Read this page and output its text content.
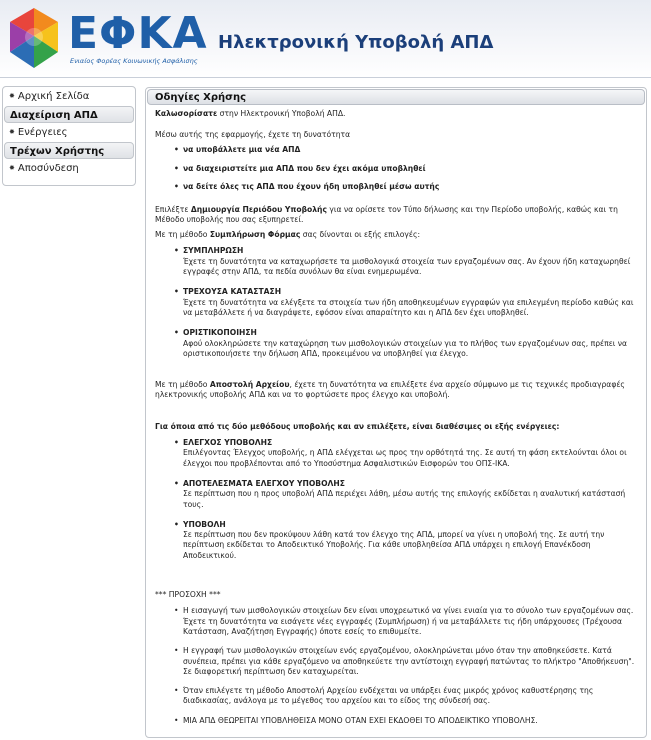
ΕΦΚΑ
Ενιαίος Φορέας Κοινωνικής Ασφάλισης
Ηλεκτρονική Υποβολή ΑΠΔ
✸ Αρχική Σελίδα
Διαχείριση ΑΠΔ
✸ Ενέργειες
Τρέχων Χρήστης
✸ Αποσύνδεση
Οδηγίες Χρήσης

Καλωσορίσατε στην Ηλεκτρονική Υποβολή ΑΠΔ.

Μέσω αυτής της εφαρμογής, έχετε τη δυνατότητα

• να υποβάλλετε μια νέα ΑΠΔ
• να διαχειριστείτε μια ΑΠΔ που δεν έχει ακόμα υποβληθεί
• να δείτε όλες τις ΑΠΔ που έχουν ήδη υποβληθεί μέσω αυτής

Επιλέξτε Δημιουργία Περιόδου Υποβολής για να ορίσετε τον Τύπο δήλωσης και την Περίοδο υποβολής, καθώς και τη Μέθοδο υποβολής που σας εξυπηρετεί.

Με τη μέθοδο Συμπλήρωση Φόρμας σας δίνονται οι εξής επιλογές:

• ΣΥΜΠΛΗΡΩΣΗ
Έχετε τη δυνατότητα να καταχωρήσετε τα μισθολογικά στοιχεία των εργαζομένων σας. Αν έχουν ήδη καταχωρηθεί εγγραφές στην ΑΠΔ, τα πεδία συνόλων θα είναι ενημερωμένα.
• ΤΡΕΧΟΥΣΑ ΚΑΤΑΣΤΑΣΗ
Έχετε τη δυνατότητα να ελέγξετε τα στοιχεία των ήδη αποθηκευμένων εγγραφών για επιλεγμένη περίοδο καθώς και να μεταβάλλετε ή να διαγράψετε, εφόσον είναι απαραίτητο και η ΑΠΔ δεν έχει υποβληθεί.
• ΟΡΙΣΤΙΚΟΠΟΙΗΣΗ
Αφού ολοκληρώσετε την καταχώρηση των μισθολογικών στοιχείων για το πλήθος των εργαζομένων σας, πρέπει να οριστικοποιήσετε την δήλωση ΑΠΔ, προκειμένου να υποβληθεί για έλεγχο.

Με τη μέθοδο Αποστολή Αρχείου, έχετε τη δυνατότητα να επιλέξετε ένα αρχείο σύμφωνο με τις τεχνικές προδιαγραφές ηλεκτρονικής υποβολής ΑΠΔ και να το φορτώσετε προς έλεγχο και υποβολή.

Για όποια από τις δύο μεθόδους υποβολής και αν επιλέξετε, είναι διαθέσιμες οι εξής ενέργειες:

• ΕΛΕΓΧΟΣ ΥΠΟΒΟΛΗΣ
Επιλέγοντας Έλεγχος υποβολής, η ΑΠΔ ελέγχεται ως προς την ορθότητά της. Σε αυτή τη φάση εκτελούνται όλοι οι έλεγχοι που προβλέπονται από το Υποσύστημα Ασφαλιστικών Εισφορών του ΟΠΣ-ΙΚΑ.
• ΑΠΟΤΕΛΕΣΜΑΤΑ ΕΛΕΓΧΟΥ ΥΠΟΒΟΛΗΣ
Σε περίπτωση που η προς υποβολή ΑΠΔ περιέχει λάθη, μέσω αυτής της επιλογής εκδίδεται η αναλυτική κατάστασή τους.
• ΥΠΟΒΟΛΗ
Σε περίπτωση που δεν προκύψουν λάθη κατά τον έλεγχο της ΑΠΔ, μπορεί να γίνει η υποβολή της. Σε αυτή την περίπτωση εκδίδεται το Αποδεικτικό Υποβολής. Για κάθε υποβληθείσα ΑΠΔ υπάρχει η επιλογή Επανέκδοση Αποδεικτικού.

*** ΠΡΟΣΟΧΗ ***

• Η εισαγωγή των μισθολογικών στοιχείων δεν είναι υποχρεωτικό να γίνει ενιαία για το σύνολο των εργαζομένων σας. Έχετε τη δυνατότητα να εισάγετε νέες εγγραφές (Συμπλήρωση) ή να μεταβάλλετε τις ήδη υπάρχουσες (Τρέχουσα Κατάσταση, Αναζήτηση Εγγραφής) όποτε εσείς το επιθυμείτε.
• Η εγγραφή των μισθολογικών στοιχείων ενός εργαζομένου, ολοκληρώνεται μόνο όταν την αποθηκεύσετε. Κατά συνέπεια, πρέπει για κάθε εργαζόμενο να αποθηκεύετε την αντίστοιχη εγγραφή πατώντας το πλήκτρο "Αποθήκευση". Σε διαφορετική περίπτωση δεν καταχωρείται.
• Όταν επιλέγετε τη μέθοδο Αποστολή Αρχείου ενδέχεται να υπάρξει ένας μικρός χρόνος καθυστέρησης της διαδικασίας, ανάλογα με το μέγεθος του αρχείου και το είδος της σύνδεσή σας.
• ΜΙΑ ΑΠΔ ΘΕΩΡΕΙΤΑΙ ΥΠΟΒΛΗΘΕΙΣΑ ΜΟΝΟ ΟΤΑΝ ΕΧΕΙ ΕΚΔΟΘΕΙ ΤΟ ΑΠΟΔΕΙΚΤΙΚΟ ΥΠΟΒΟΛΗΣ.
